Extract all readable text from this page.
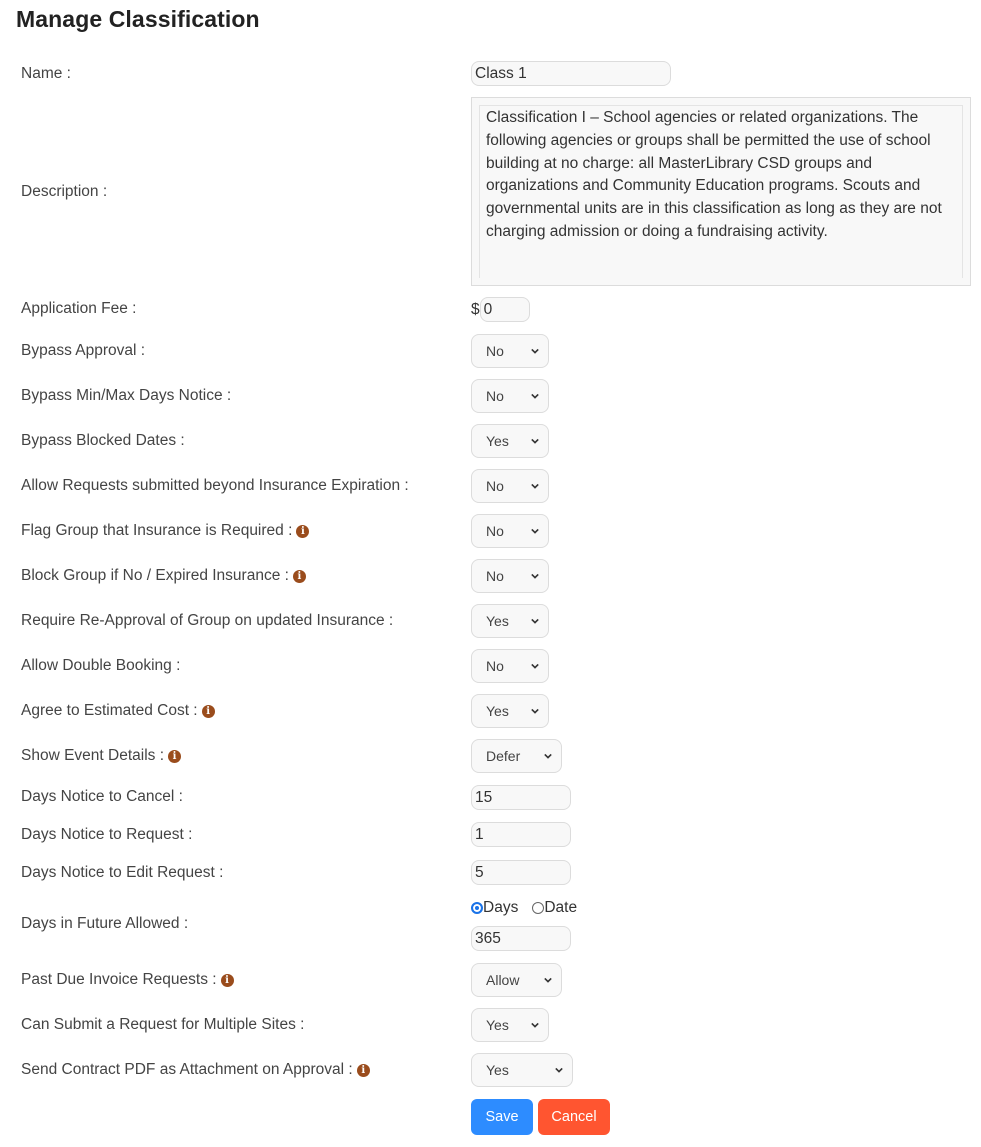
Manage Classification
Name :
Class 1
Description :
Classification I – School agencies or related organizations. The following agencies or groups shall be permitted the use of school building at no charge: all MasterLibrary CSD groups and organizations and Community Education programs. Scouts and governmental units are in this classification as long as they are not charging admission or doing a fundraising activity.
Application Fee :	$
0
Bypass Approval :	No
Bypass Min/Max Days Notice :	No
Bypass Blocked Dates :	Yes
Allow Requests submitted beyond Insurance Expiration :	No
Flag Group that Insurance is Required : i	No
Block Group if No / Expired Insurance : i	No
Require Re-Approval of Group on updated Insurance :	Yes
Allow Double Booking :	No
Agree to Estimated Cost : i	Yes
Show Event Details : i	Defer
Days Notice to Cancel :
15
Days Notice to Request :
1
Days Notice to Edit Request :
5
Days in Future Allowed :
Days Date
365
Past Due Invoice Requests : i	Allow
Can Submit a Request for Multiple Sites :	Yes
Send Contract PDF as Attachment on Approval : i	Yes
Save	Cancel
